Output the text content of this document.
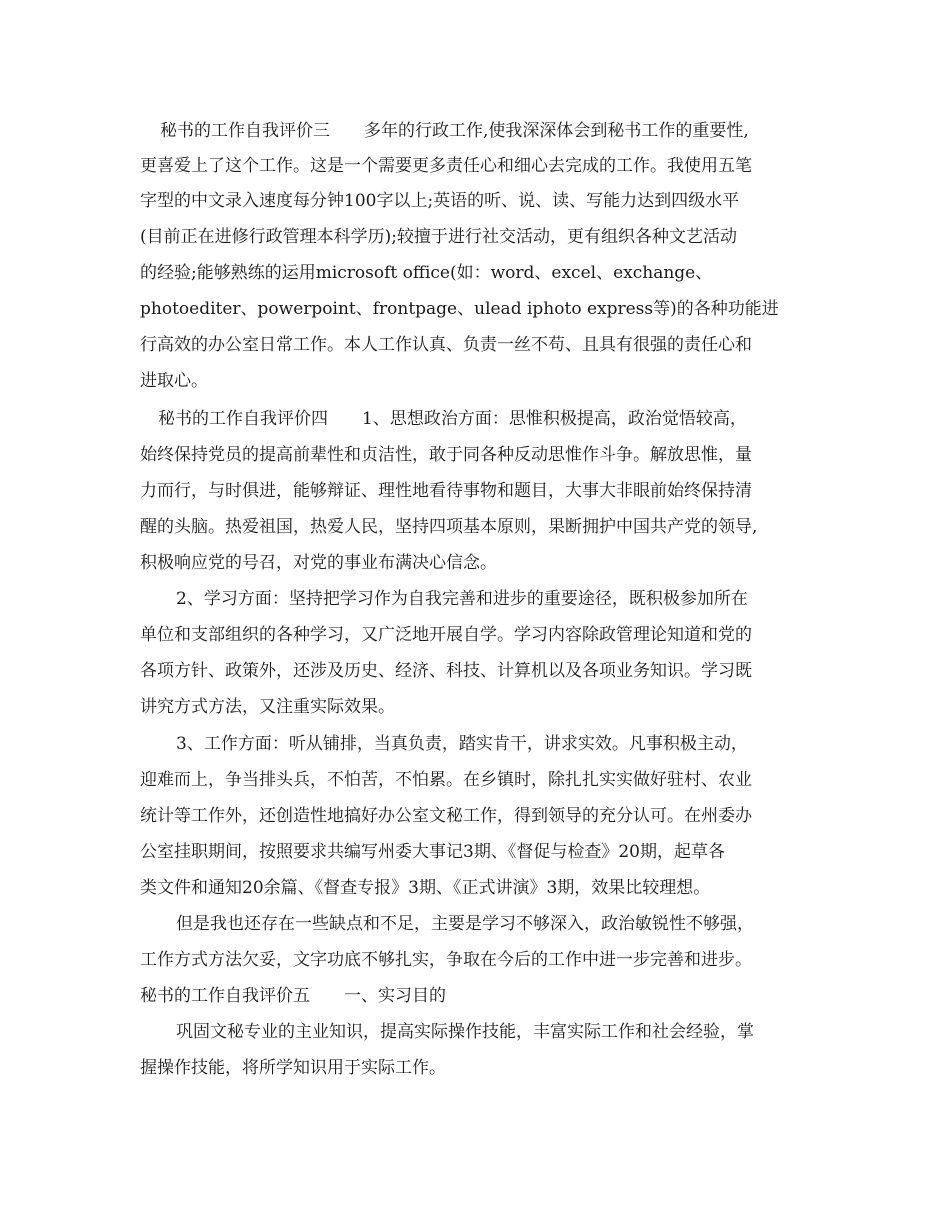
秘书的工作自我评价三　　多年的行政工作,使我深深体会到秘书工作的重要性,
更喜爱上了这个工作。这是一个需要更多责任心和细心去完成的工作。我使用五笔
字型的中文录入速度每分钟100字以上;英语的听、说、读、写能力达到四级水平
(目前正在进修行政管理本科学历);较擅于进行社交活动，更有组织各种文艺活动
的经验;能够熟练的运用microsoft office(如：word、excel、exchange、
photoediter、powerpoint、frontpage、ulead iphoto express等)的各种功能进
行高效的办公室日常工作。本人工作认真、负责一丝不苟、且具有很强的责任心和
进取心。
秘书的工作自我评价四　　1、思想政治方面：思惟积极提高，政治觉悟较高，
始终保持党员的提高前辈性和贞洁性，敢于同各种反动思惟作斗争。解放思惟，量
力而行，与时俱进，能够辩证、理性地看待事物和题目，大事大非眼前始终保持清
醒的头脑。热爱祖国，热爱人民，坚持四项基本原则，果断拥护中国共产党的领导,
积极响应党的号召，对党的事业布满决心信念。
2、学习方面：坚持把学习作为自我完善和进步的重要途径，既积极参加所在
单位和支部组织的各种学习，又广泛地开展自学。学习内容除政管理论知道和党的
各项方针、政策外，还涉及历史、经济、科技、计算机以及各项业务知识。学习既
讲究方式方法，又注重实际效果。
3、工作方面：听从铺排，当真负责，踏实肯干，讲求实效。凡事积极主动，
迎难而上，争当排头兵，不怕苦，不怕累。在乡镇时，除扎扎实实做好驻村、农业
统计等工作外，还创造性地搞好办公室文秘工作，得到领导的充分认可。在州委办
公室挂职期间，按照要求共编写州委大事记3期、《督促与检查》20期，起草各
类文件和通知20余篇、《督查专报》3期、《正式讲演》3期，效果比较理想。
但是我也还存在一些缺点和不足，主要是学习不够深入，政治敏锐性不够强，
工作方式方法欠妥，文字功底不够扎实，争取在今后的工作中进一步完善和进步。
秘书的工作自我评价五　　一、实习目的
巩固文秘专业的主业知识，提高实际操作技能，丰富实际工作和社会经验，掌
握操作技能，将所学知识用于实际工作。
